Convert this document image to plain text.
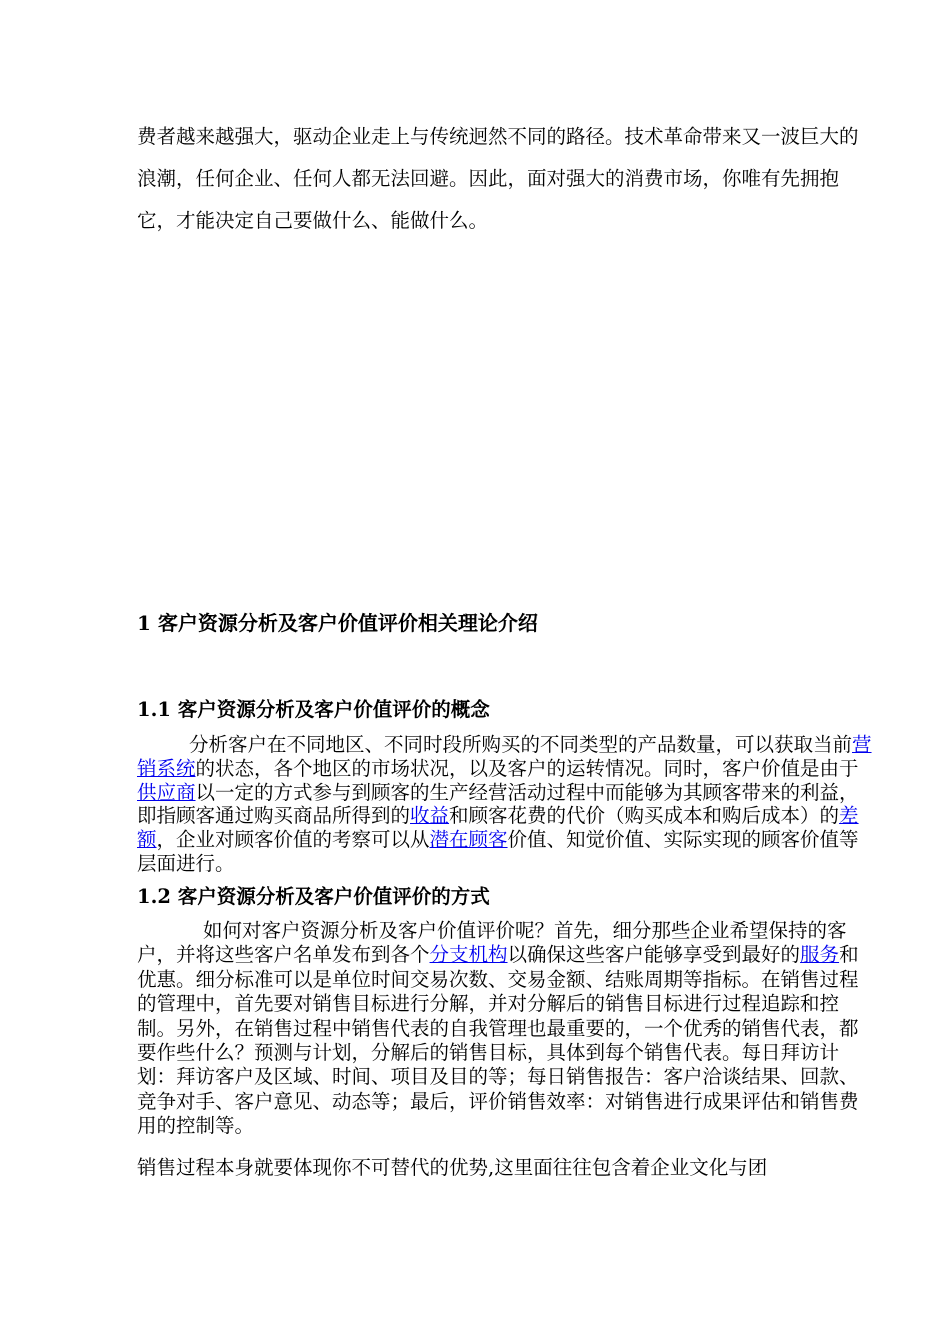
费者越来越强大，驱动企业走上与传统迥然不同的路径。技术革命带来又一波巨大的浪潮，任何企业、任何人都无法回避。因此，面对强大的消费市场，你唯有先拥抱它，才能决定自己要做什么、能做什么。
1 客户资源分析及客户价值评价相关理论介绍
1.1 客户资源分析及客户价值评价的概念
分析客户在不同地区、不同时段所购买的不同类型的产品数量，可以获取当前营销系统的状态，各个地区的市场状况，以及客户的运转情况。同时，客户价值是由于供应商以一定的方式参与到顾客的生产经营活动过程中而能够为其顾客带来的利益，即指顾客通过购买商品所得到的收益和顾客花费的代价（购买成本和购后成本）的差额，企业对顾客价值的考察可以从潜在顾客价值、知觉价值、实际实现的顾客价值等层面进行。
1.2 客户资源分析及客户价值评价的方式
如何对客户资源分析及客户价值评价呢？首先，细分那些企业希望保持的客户，并将这些客户名单发布到各个分支机构以确保这些客户能够享受到最好的服务和优惠。细分标准可以是单位时间交易次数、交易金额、结账周期等指标。在销售过程的管理中，首先要对销售目标进行分解，并对分解后的销售目标进行过程追踪和控制。另外，在销售过程中销售代表的自我管理也最重要的，一个优秀的销售代表，都要作些什么？预测与计划，分解后的销售目标，具体到每个销售代表。每日拜访计划：拜访客户及区域、时间、项目及目的等；每日销售报告：客户洽谈结果、回款、竞争对手、客户意见、动态等；最后，评价销售效率：对销售进行成果评估和销售费用的控制等。
销售过程本身就要体现你不可替代的优势,这里面往往包含着企业文化与团
